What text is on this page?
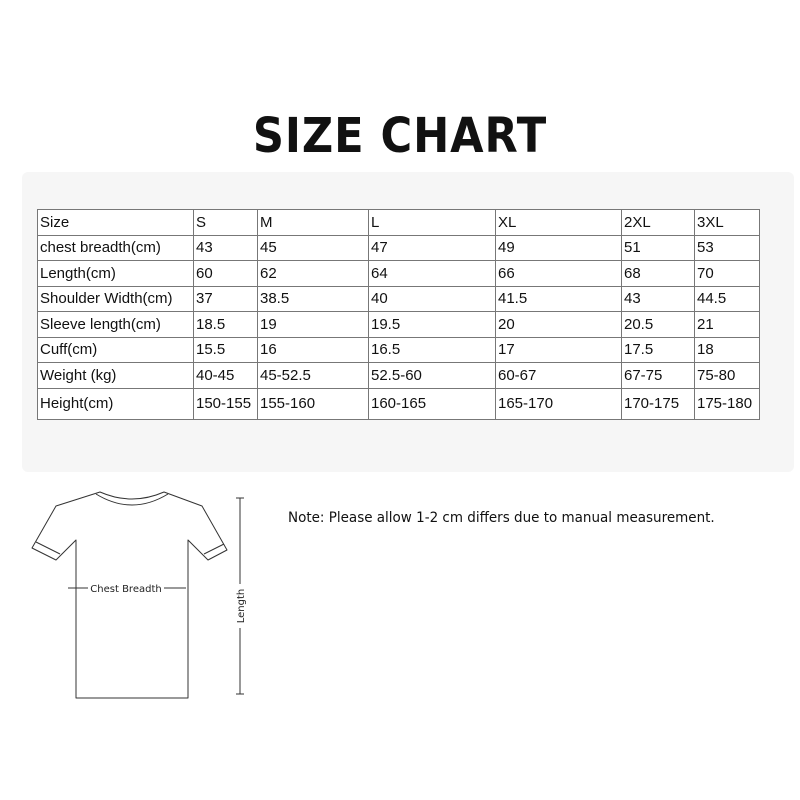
SIZE CHART
Size	S	M	L	XL	2XL	3XL
chest breadth(cm)	43	45	47	49	51	53
Length(cm)	60	62	64	66	68	70
Shoulder Width(cm)	37	38.5	40	41.5	43	44.5
Sleeve length(cm)	18.5	19	19.5	20	20.5	21
Cuff(cm)	15.5	16	16.5	17	17.5	18
Weight (kg)	40-45	45-52.5	52.5-60	60-67	67-75	75-80
Height(cm)	150-155	155-160	160-165	165-170	170-175	175-180
Chest Breadth	Length
Note: Please allow 1-2 cm differs due to manual measurement.
